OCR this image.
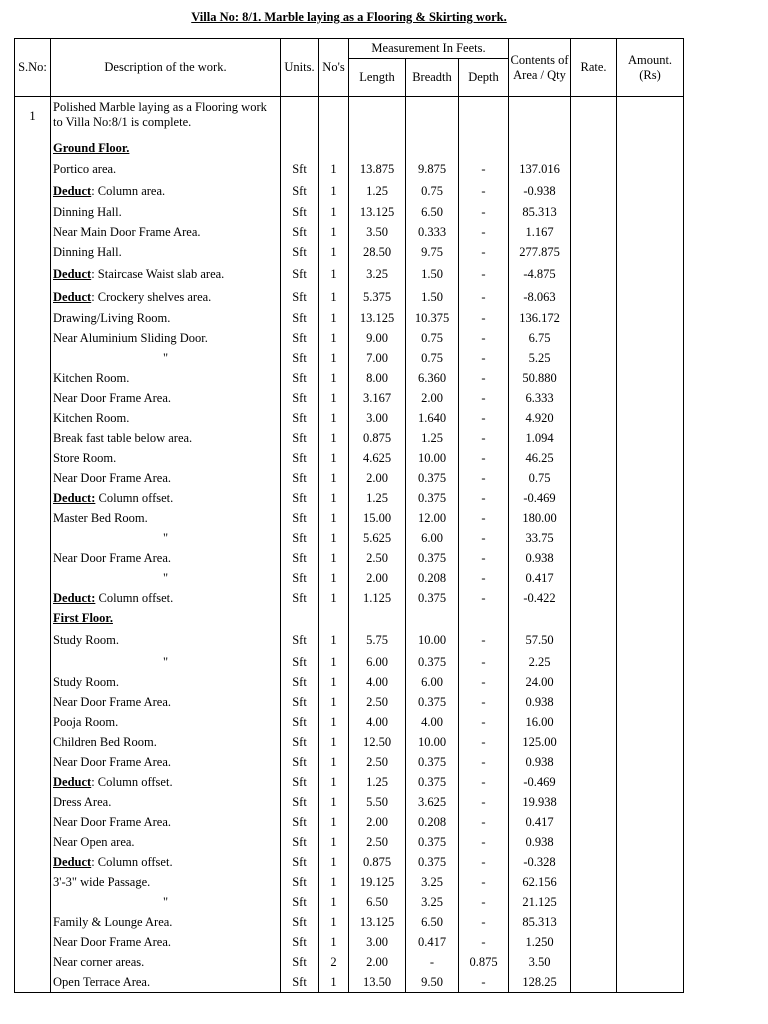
Villa No: 8/1. Marble laying as a Flooring & Skirting work.
S.No:	Description of the work.	Units.	No's	Measurement In Feets.			Contents of Area / Qty	Rate.	Amount. (Rs)
				Length	Breadth	Depth			
1	Polished Marble laying as a Flooring work to Villa No:8/1 is complete.								
	Ground Floor.								
	Portico area.	Sft	1	13.875	9.875	-	137.016		
	Deduct: Column area.	Sft	1	1.25	0.75	-	-0.938		
	Dinning Hall.	Sft	1	13.125	6.50	-	85.313		
	Near Main Door Frame Area.	Sft	1	3.50	0.333	-	1.167		
	Dinning Hall.	Sft	1	28.50	9.75	-	277.875		
	Deduct: Staircase Waist slab area.	Sft	1	3.25	1.50	-	-4.875		
	Deduct: Crockery shelves area.	Sft	1	5.375	1.50	-	-8.063		
	Drawing/Living Room.	Sft	1	13.125	10.375	-	136.172		
	Near Aluminium Sliding Door.	Sft	1	9.00	0.75	-	6.75		
	"	Sft	1	7.00	0.75	-	5.25		
	Kitchen Room.	Sft	1	8.00	6.360	-	50.880		
	Near Door Frame Area.	Sft	1	3.167	2.00	-	6.333		
	Kitchen Room.	Sft	1	3.00	1.640	-	4.920		
	Break fast table below area.	Sft	1	0.875	1.25	-	1.094		
	Store Room.	Sft	1	4.625	10.00	-	46.25		
	Near Door Frame Area.	Sft	1	2.00	0.375	-	0.75		
	Deduct: Column offset.	Sft	1	1.25	0.375	-	-0.469		
	Master Bed Room.	Sft	1	15.00	12.00	-	180.00		
	"	Sft	1	5.625	6.00	-	33.75		
	Near Door Frame Area.	Sft	1	2.50	0.375	-	0.938		
	"	Sft	1	2.00	0.208	-	0.417		
	Deduct: Column offset.	Sft	1	1.125	0.375	-	-0.422		
	First Floor.								
	Study Room.	Sft	1	5.75	10.00	-	57.50		
	"	Sft	1	6.00	0.375	-	2.25		
	Study Room.	Sft	1	4.00	6.00	-	24.00		
	Near Door Frame Area.	Sft	1	2.50	0.375	-	0.938		
	Pooja Room.	Sft	1	4.00	4.00	-	16.00		
	Children Bed Room.	Sft	1	12.50	10.00	-	125.00		
	Near Door Frame Area.	Sft	1	2.50	0.375	-	0.938		
	Deduct: Column offset.	Sft	1	1.25	0.375	-	-0.469		
	Dress Area.	Sft	1	5.50	3.625	-	19.938		
	Near Door Frame Area.	Sft	1	2.00	0.208	-	0.417		
	Near Open area.	Sft	1	2.50	0.375	-	0.938		
	Deduct: Column offset.	Sft	1	0.875	0.375	-	-0.328		
	3'-3" wide Passage.	Sft	1	19.125	3.25	-	62.156		
	"	Sft	1	6.50	3.25	-	21.125		
	Family & Lounge Area.	Sft	1	13.125	6.50	-	85.313		
	Near Door Frame Area.	Sft	1	3.00	0.417	-	1.250		
	Near corner areas.	Sft	2	2.00	-	0.875	3.50		
	Open Terrace Area.	Sft	1	13.50	9.50	-	128.25		
